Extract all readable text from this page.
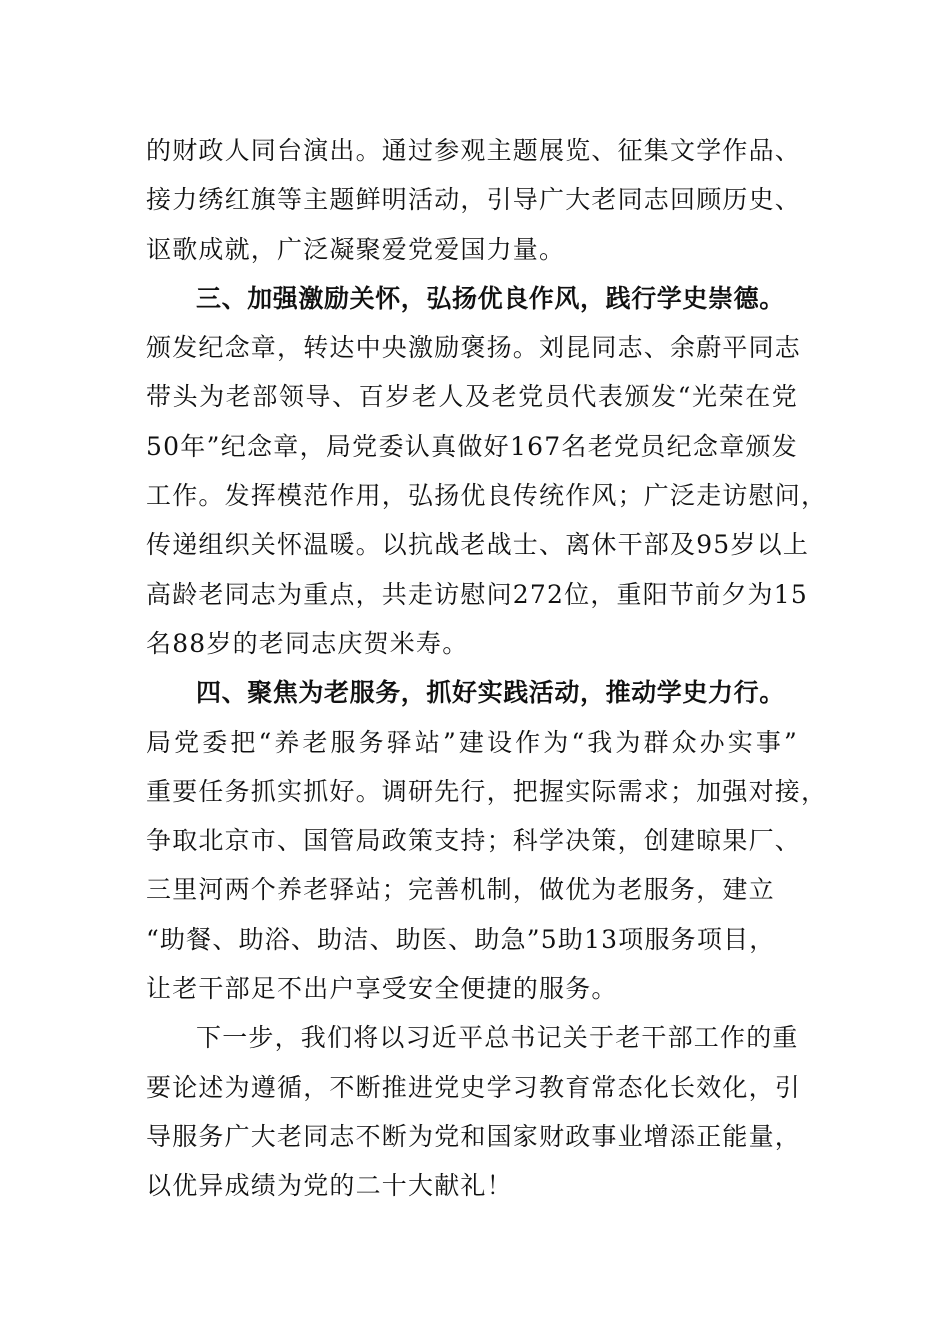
的财政人同台演出。通过参观主题展览、征集文学作品、
接力绣红旗等主题鲜明活动，引导广大老同志回顾历史、
讴歌成就，广泛凝聚爱党爱国力量。
三、加强激励关怀，弘扬优良作风，践行学史崇德。
颁发纪念章，转达中央激励褒扬。刘昆同志、余蔚平同志
带头为老部领导、百岁老人及老党员代表颁发“光荣在党
50年”纪念章，局党委认真做好167名老党员纪念章颁发
工作。发挥模范作用，弘扬优良传统作风；广泛走访慰问，
传递组织关怀温暖。以抗战老战士、离休干部及95岁以上
高龄老同志为重点，共走访慰问272位，重阳节前夕为15
名88岁的老同志庆贺米寿。
四、聚焦为老服务，抓好实践活动，推动学史力行。
局党委把“养老服务驿站”建设作为“我为群众办实事”
重要任务抓实抓好。调研先行，把握实际需求；加强对接，
争取北京市、国管局政策支持；科学决策，创建晾果厂、
三里河两个养老驿站；完善机制，做优为老服务，建立
“助餐、助浴、助洁、助医、助急”5助13项服务项目，
让老干部足不出户享受安全便捷的服务。
下一步，我们将以习近平总书记关于老干部工作的重
要论述为遵循，不断推进党史学习教育常态化长效化，引
导服务广大老同志不断为党和国家财政事业增添正能量，
以优异成绩为党的二十大献礼！
